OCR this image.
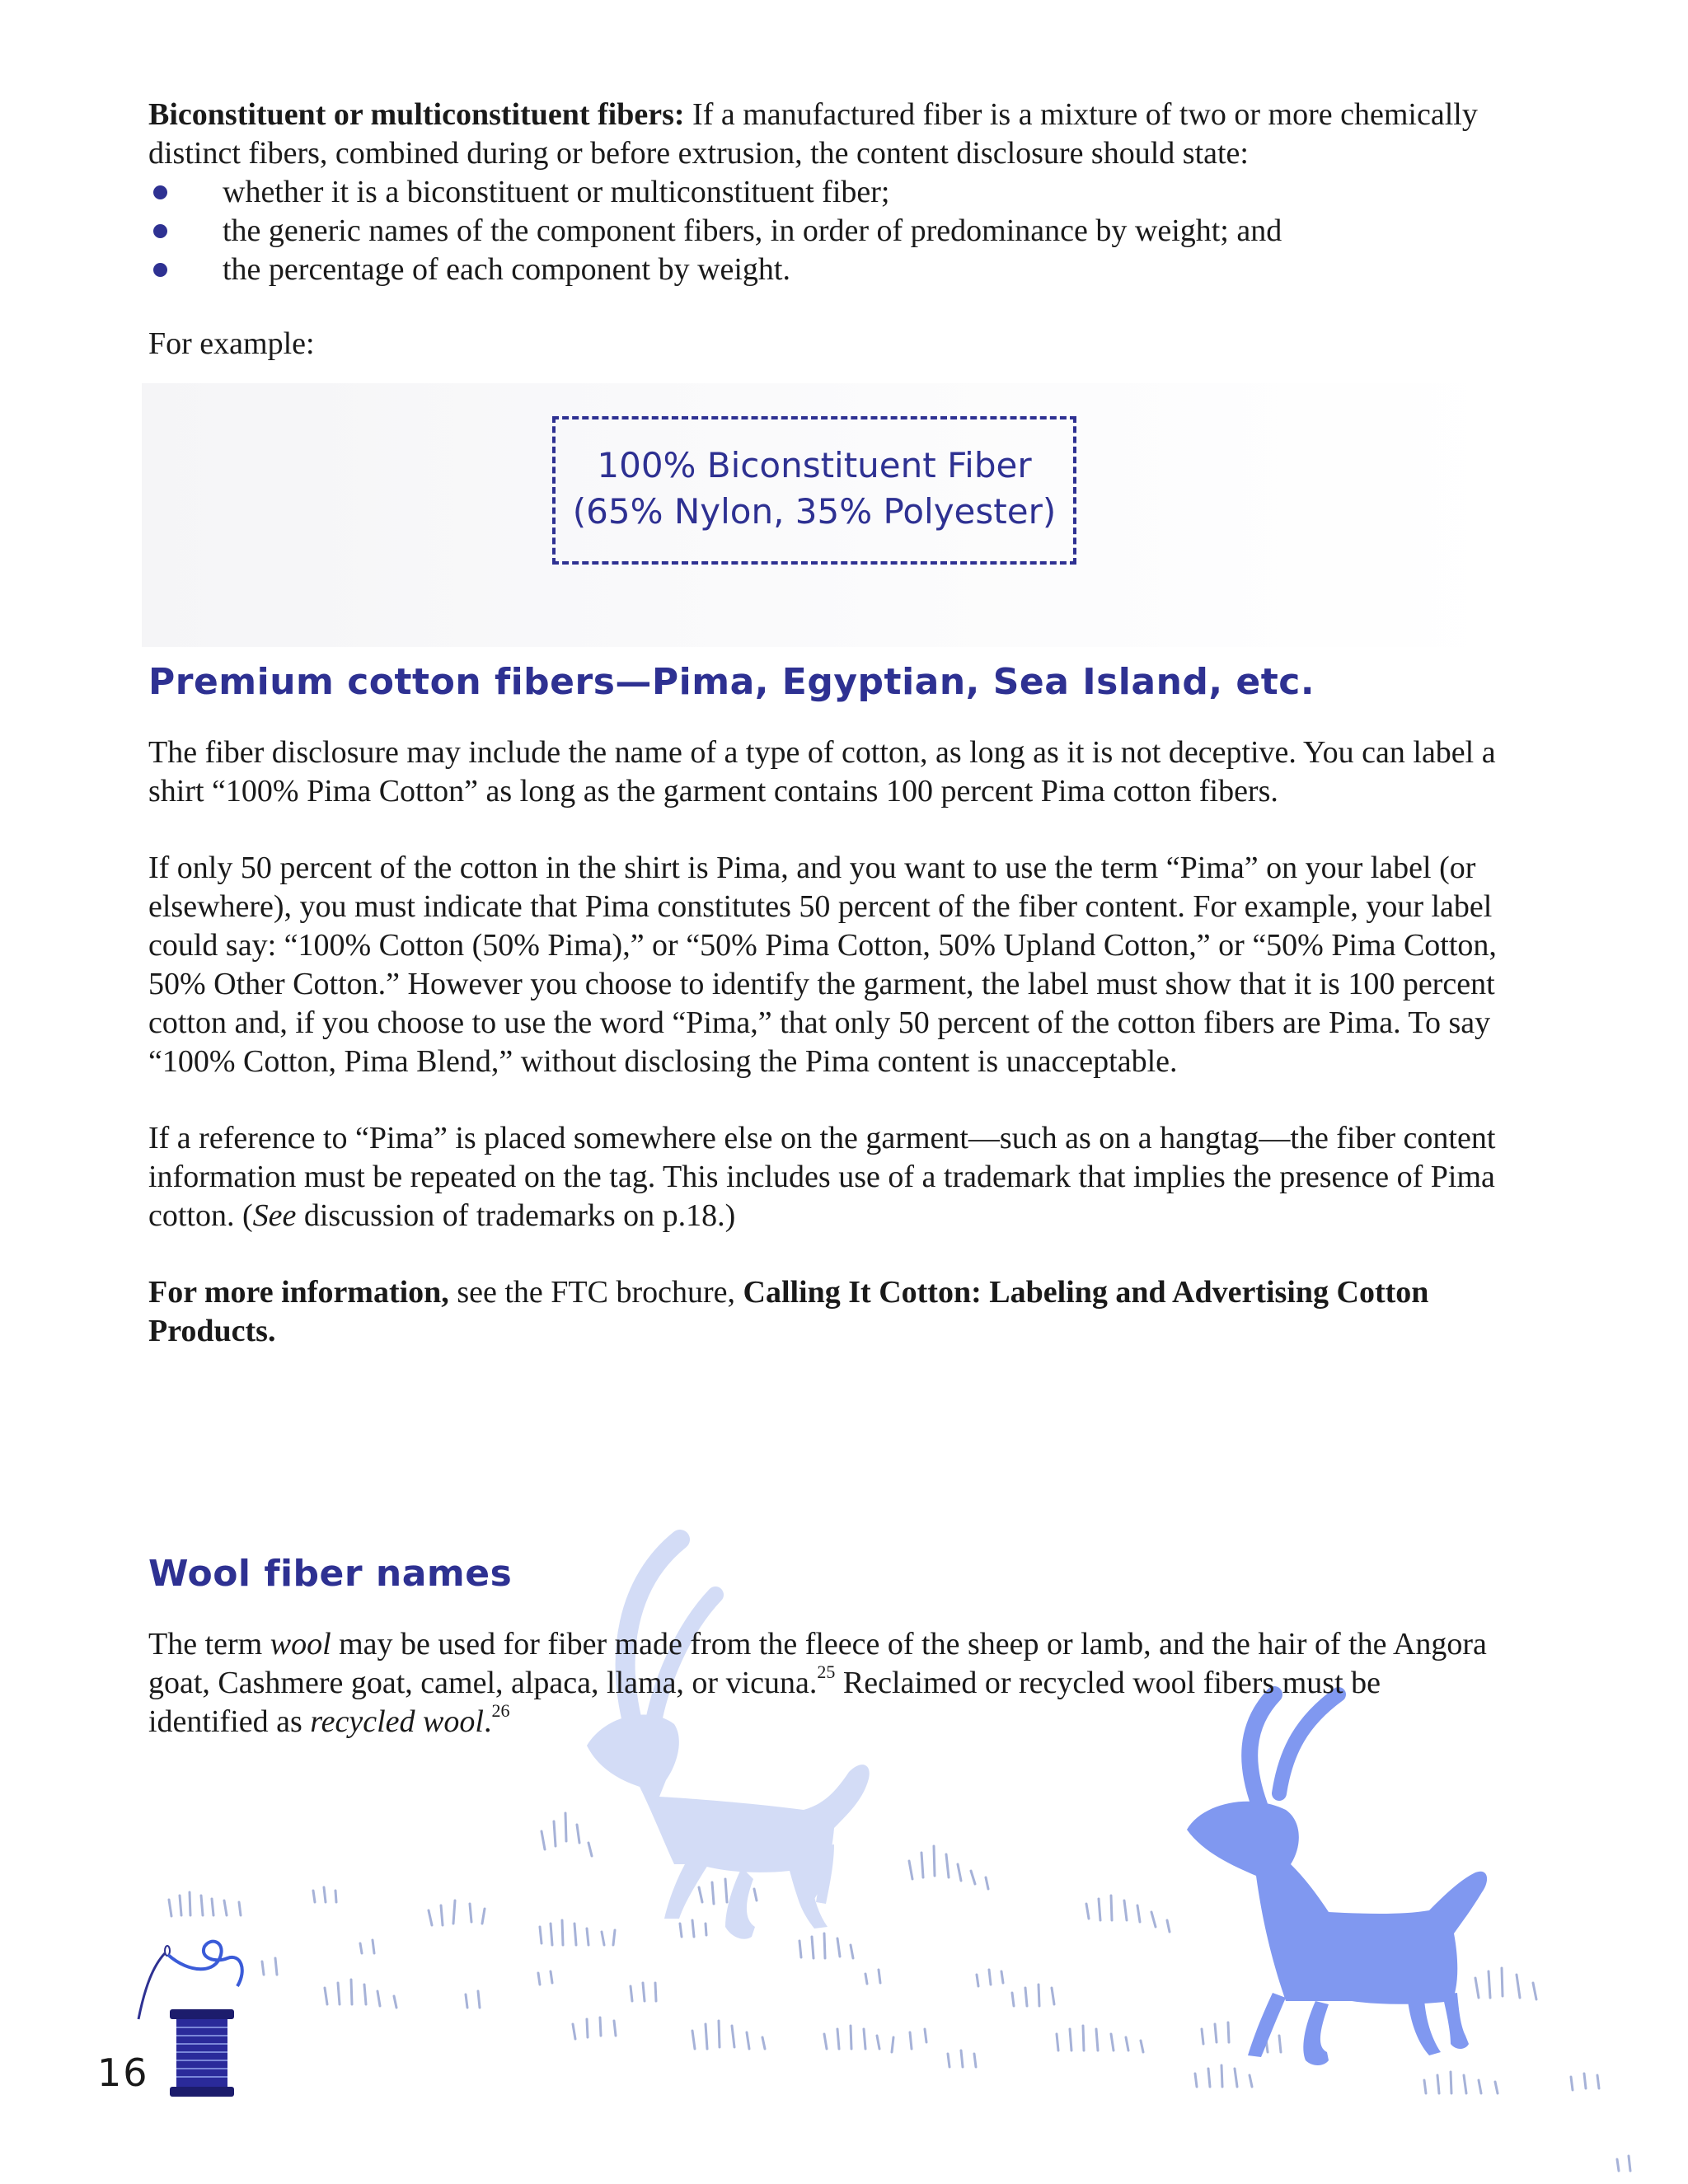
Biconstituent or multiconstituent fibers: If a manufactured fiber is a mixture of two or more chemically distinct fibers, combined during or before extrusion, the content disclosure should state:

whether it is a biconstituent or multiconstituent fiber;
the generic names of the component fibers, in order of predominance by weight; and
the percentage of each component by weight.

For example:

100% Biconstituent Fiber
(65% Nylon, 35% Polyester)
Premium cotton fibers—Pima, Egyptian, Sea Island, etc.

The fiber disclosure may include the name of a type of cotton, as long as it is not deceptive. You can label a shirt “100% Pima Cotton” as long as the garment contains 100 percent Pima cotton fibers.

If only 50 percent of the cotton in the shirt is Pima, and you want to use the term “Pima” on your label (or elsewhere), you must indicate that Pima constitutes 50 percent of the fiber content. For example, your label could say: “100% Cotton (50% Pima),” or “50% Pima Cotton, 50% Upland Cotton,” or “50% Pima Cotton, 50% Other Cotton.” However you choose to identify the garment, the label must show that it is 100 percent cotton and, if you choose to use the word “Pima,” that only 50 percent of the cotton fibers are Pima. To say “100% Cotton, Pima Blend,” without disclosing the Pima content is unacceptable.

If a reference to “Pima” is placed somewhere else on the garment—such as on a hangtag—the fiber content information must be repeated on the tag. This includes use of a trademark that implies the presence of Pima cotton. (See discussion of trademarks on p.18.)

For more information, see the FTC brochure, Calling It Cotton: Labeling and Advertising Cotton Products.

Wool fiber names

The term wool may be used for fiber made from the fleece of the sheep or lamb, and the hair of the Angora goat, Cashmere goat, camel, alpaca, llama, or vicuna.$^{25}$ Reclaimed or recycled wool fibers must be identified as recycled wool.$^{26}$

16
